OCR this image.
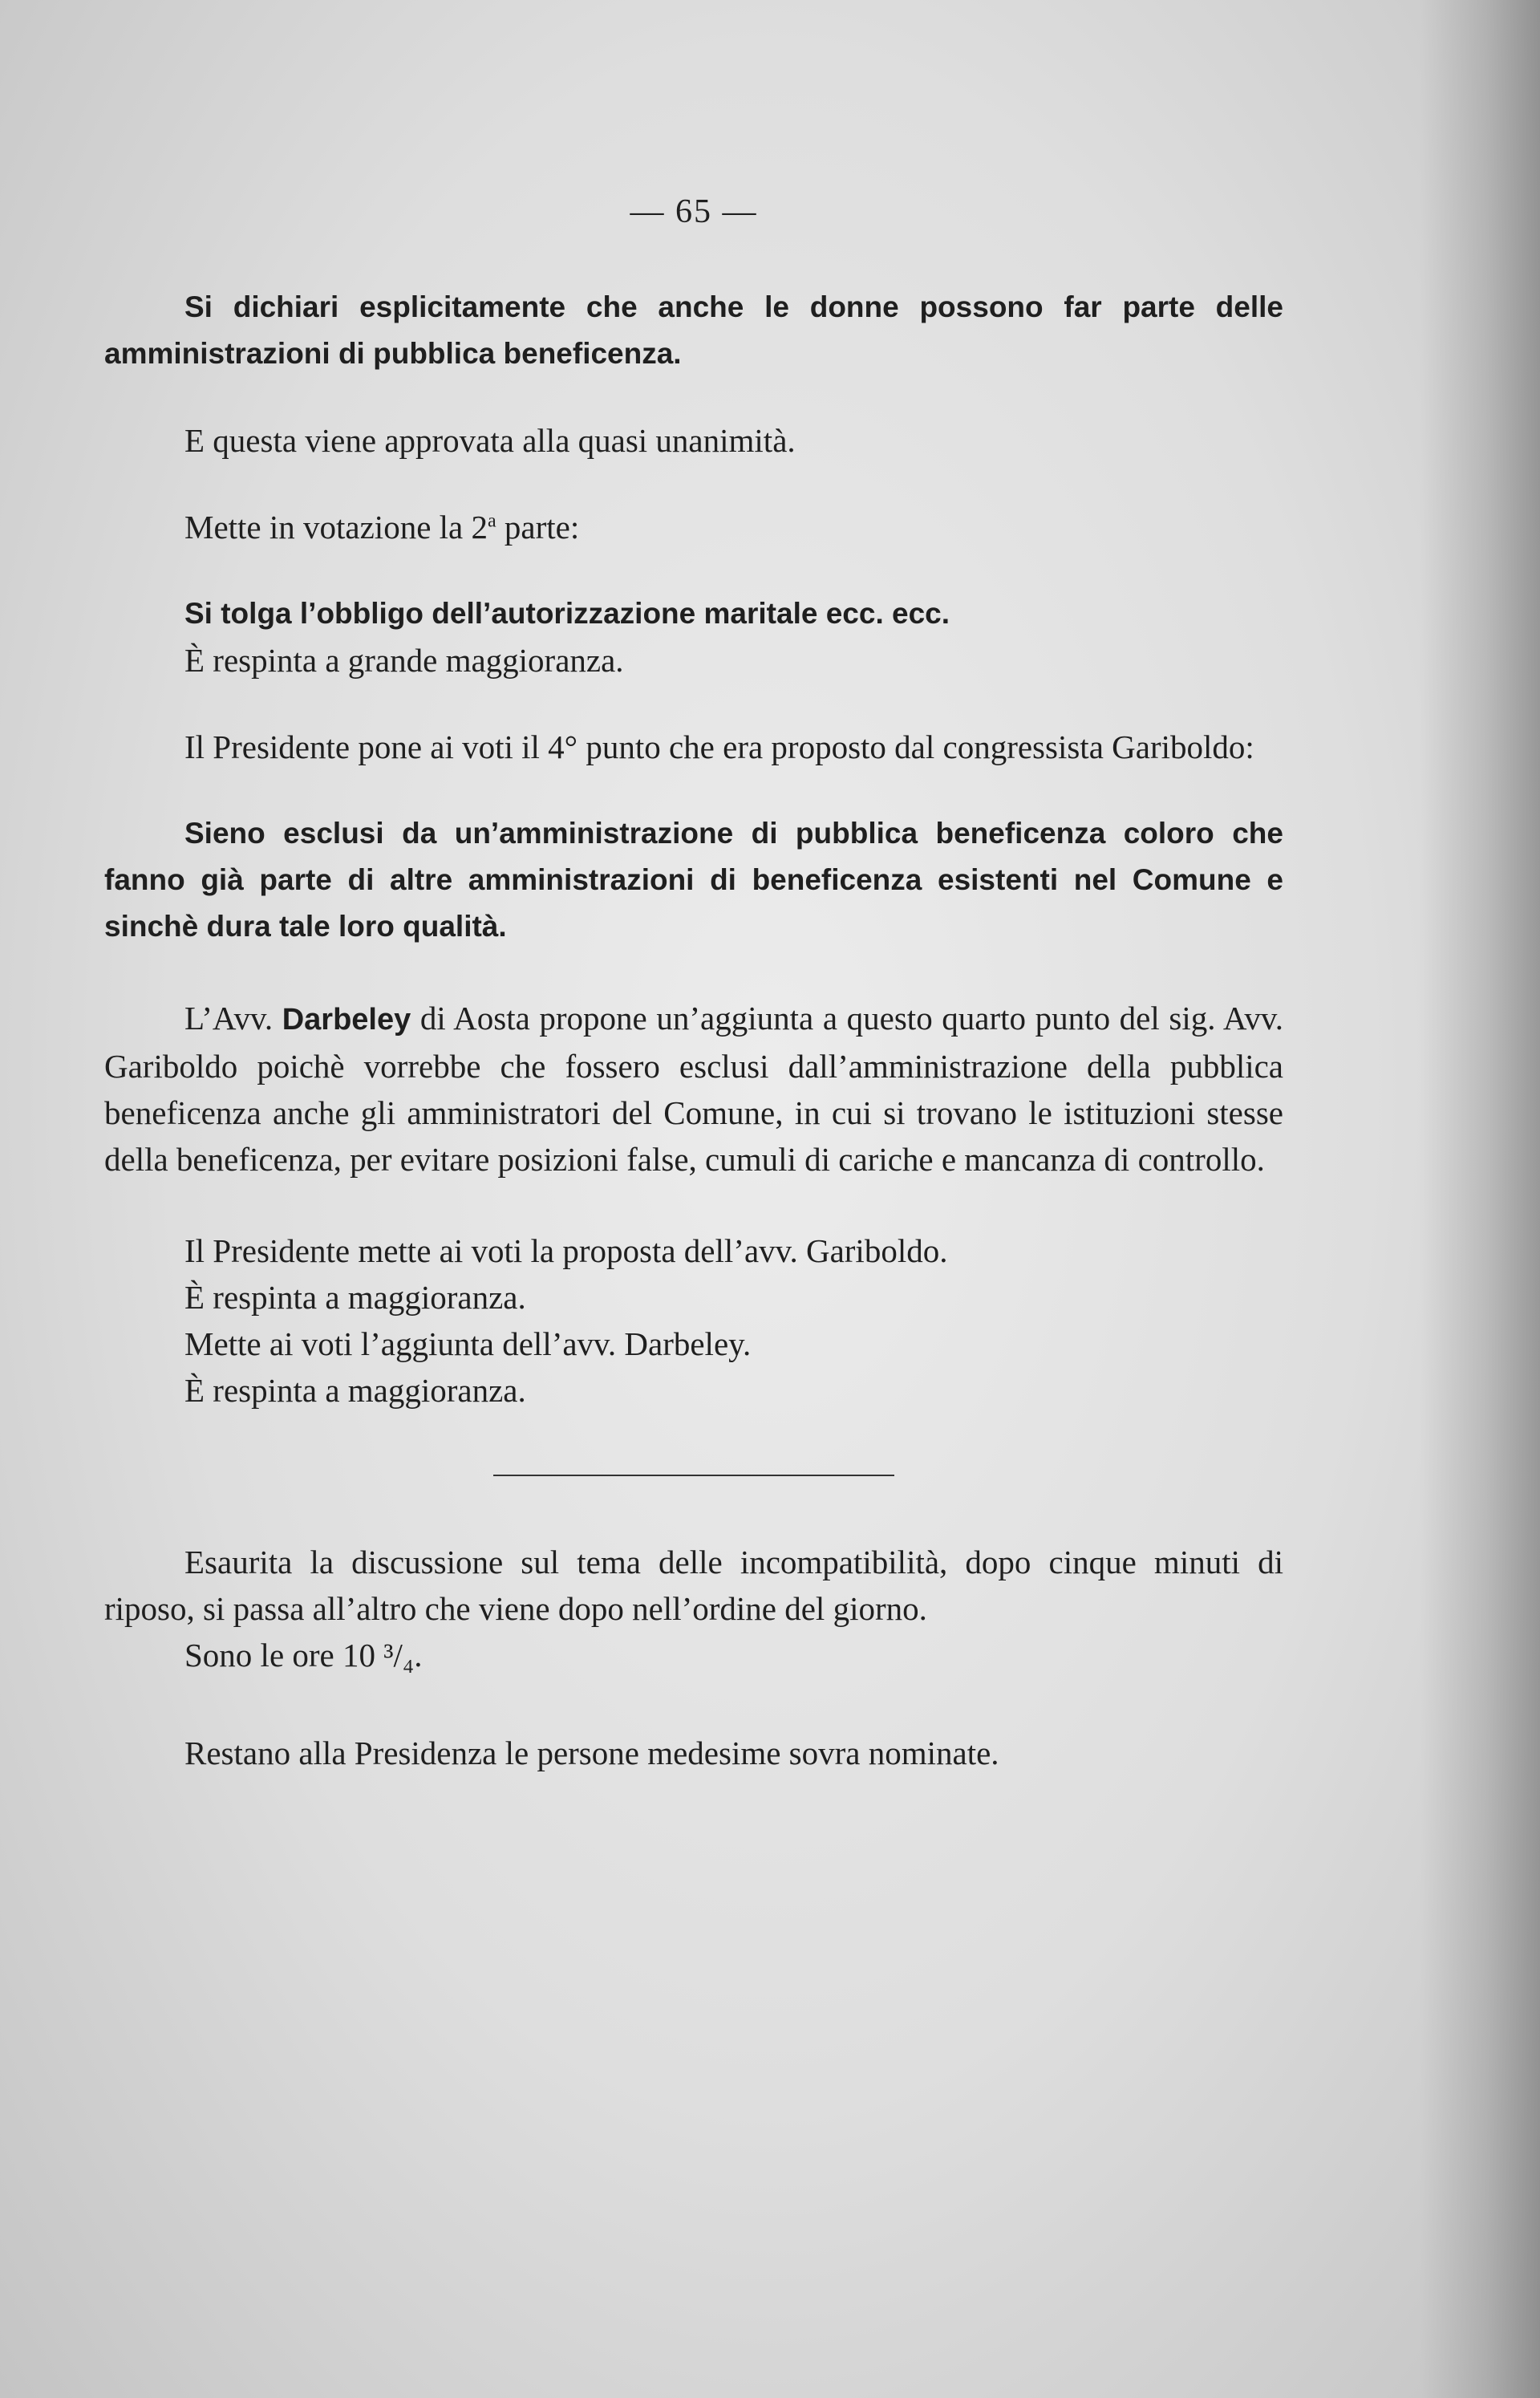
— 65 —

Si dichiari esplicitamente che anche le donne possono far parte delle amministrazioni di pubblica beneficenza.

E questa viene approvata alla quasi unanimità.

Mette in votazione la 2$^a$ parte:

Si tolga l’obbligo dell’autorizzazione maritale ecc. ecc.

È respinta a grande maggioranza.

Il Presidente pone ai voti il 4° punto che era proposto dal congressista Gariboldo:

Sieno esclusi da un’amministrazione di pubblica beneficenza coloro che fanno già parte di altre amministrazioni di beneficenza esistenti nel Comune e sinchè dura tale loro qualità.

L’Avv. Darbeley di Aosta propone un’aggiunta a questo quarto punto del sig. Avv. Gariboldo poichè vorrebbe che fossero esclusi dall’amministrazione della pubblica beneficenza anche gli amministratori del Comune, in cui si trovano le istituzioni stesse della beneficenza, per evitare posizioni false, cumuli di cariche e mancanza di controllo.

Il Presidente mette ai voti la proposta dell’avv. Gariboldo.

È respinta a maggioranza.

Mette ai voti l’aggiunta dell’avv. Darbeley.

È respinta a maggioranza.

Esaurita la discussione sul tema delle incompatibilità, dopo cinque minuti di riposo, si passa all’altro che viene dopo nell’ordine del giorno.

Sono le ore 10 ³/₄.

Restano alla Presidenza le persone medesime sovra nominate.
